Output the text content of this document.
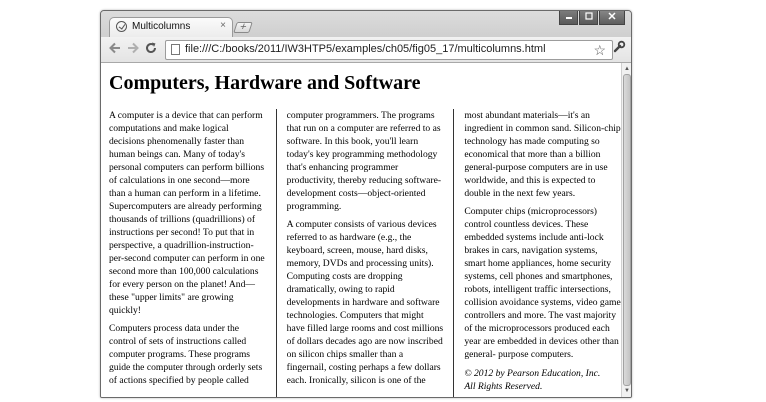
Multicolumns	×	+
file:///C:/books/2011/IW3HTP5/examples/ch05/fig05_17/multicolumns.html	☆
Computers, Hardware and Software

A computer is a device that can perform computations and make logical decisions phenomenally faster than human beings can. Many of today's personal computers can perform billions of calculations in one second—more than a human can perform in a lifetime. Supercomputers are already performing thousands of trillions (quadrillions) of instructions per second! To put that in perspective, a quadrillion-instruction-per-second computer can perform in one second more than 100,000 calculations for every person on the planet! And—these "upper limits" are growing quickly!

Computers process data under the control of sets of instructions called computer programs. These programs guide the computer through orderly sets of actions specified by people called computer programmers. The programs that run on a computer are referred to as software. In this book, you'll learn today's key programming methodology that's enhancing programmer productivity, thereby reducing software-development costs—object-oriented programming.

A computer consists of various devices referred to as hardware (e.g., the keyboard, screen, mouse, hard disks, memory, DVDs and processing units). Computing costs are dropping dramatically, owing to rapid developments in hardware and software technologies. Computers that might have filled large rooms and cost millions of dollars decades ago are now inscribed on silicon chips smaller than a fingernail, costing perhaps a few dollars each. Ironically, silicon is one of the most abundant materials—it's an ingredient in common sand. Silicon-chip technology has made computing so economical that more than a billion general-purpose computers are in use worldwide, and this is expected to double in the next few years.

Computer chips (microprocessors) control countless devices. These embedded systems include anti-lock brakes in cars, navigation systems, smart home appliances, home security systems, cell phones and smartphones, robots, intelligent traffic intersections, collision avoidance systems, video game controllers and more. The vast majority of the microprocessors produced each year are embedded in devices other than general- purpose computers.

© 2012 by Pearson Education, Inc.
All Rights Reserved.

▲
▼
